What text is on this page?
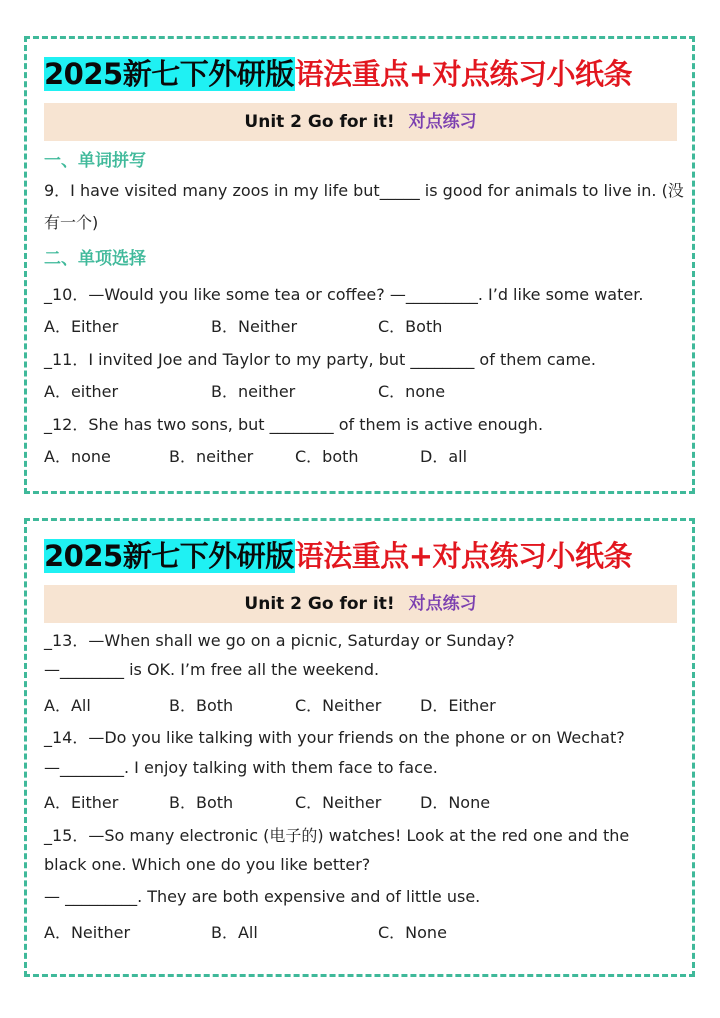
2025新七下外研版语法重点+对点练习小纸条
Unit 2 Go for it! 对点练习
一、单词拼写
9．I have visited many zoos in my life but_____ is good for animals to live in. (没
有一个)
二、单项选择
_10．—Would you like some tea or coffee? —_________. I’d like some water.
A．Either	B．Neither	C．Both
_11．I invited Joe and Taylor to my party, but ________ of them came.
A．either	B．neither	C．none
_12．She has two sons, but ________ of them is active enough.
A．none	B．neither	C．both	D．all
2025新七下外研版语法重点+对点练习小纸条
Unit 2 Go for it! 对点练习
_13．—When shall we go on a picnic, Saturday or Sunday?
—________ is OK. I’m free all the weekend.
A．All	B．Both	C．Neither D．Either
_14．—Do you like talking with your friends on the phone or on Wechat?
—________. I enjoy talking with them face to face.
A．Either	B．Both	C．Neither D．None
_15．—So many electronic (电子的) watches! Look at the red one and the
black one. Which one do you like better?
— _________. They are both expensive and of little use.
A．Neither	B．All	C．None
